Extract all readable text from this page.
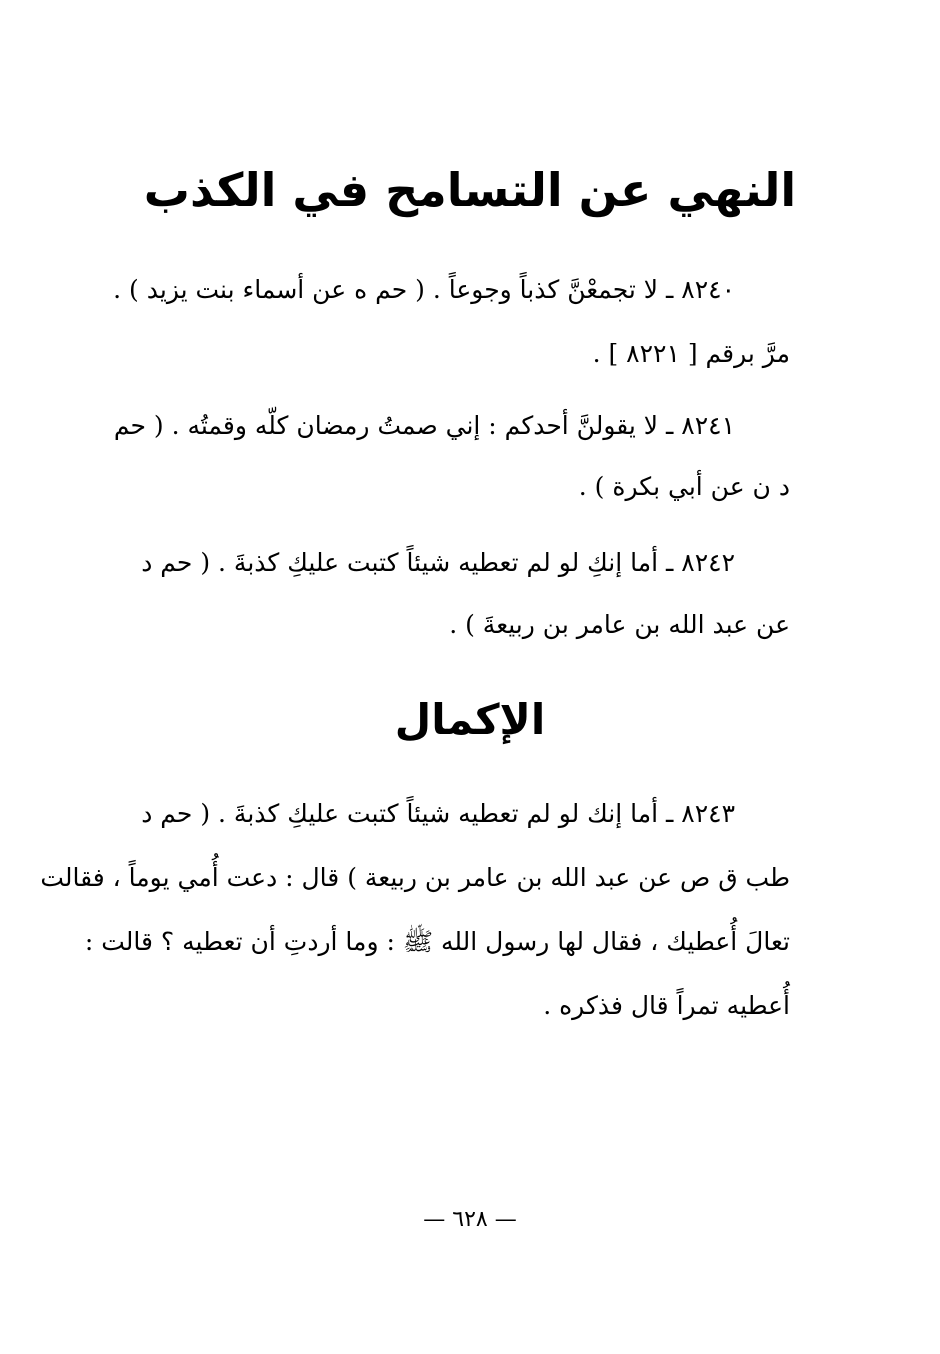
النهي عن التسامح في الكذب
٨٢٤٠ ـ لا تجمعْنَّ كذباً وجوعاً . ( حم ه عن أسماء بنت يزيد ) .
مرَّ برقم [ ٨٢٢١ ] .
٨٢٤١ ـ لا يقولنَّ أحدكم : إني صمتُ رمضان كلّه وقمتُه . ( حم
د ن عن أبي بكرة ) .
٨٢٤٢ ـ أما إنكِ لو لم تعطيه شيئاً كتبت عليكِ كذبةَ . ( حم د
عن عبد الله بن عامر بن ربيعةَ ) .
الإكمال
٨٢٤٣ ـ أما إنك لو لم تعطيه شيئاً كتبت عليكِ كذبةَ . ( حم د
طب ق ص عن عبد الله بن عامر بن ربيعة ) قال : دعت أُمي يوماً ، فقالت
تعالَ أُعطيك ، فقال لها رسول الله ﷺ : وما أردتِ أن تعطيه ؟ قالت :
أُعطيه تمراً قال فذكره .
— ٦٢٨ —
